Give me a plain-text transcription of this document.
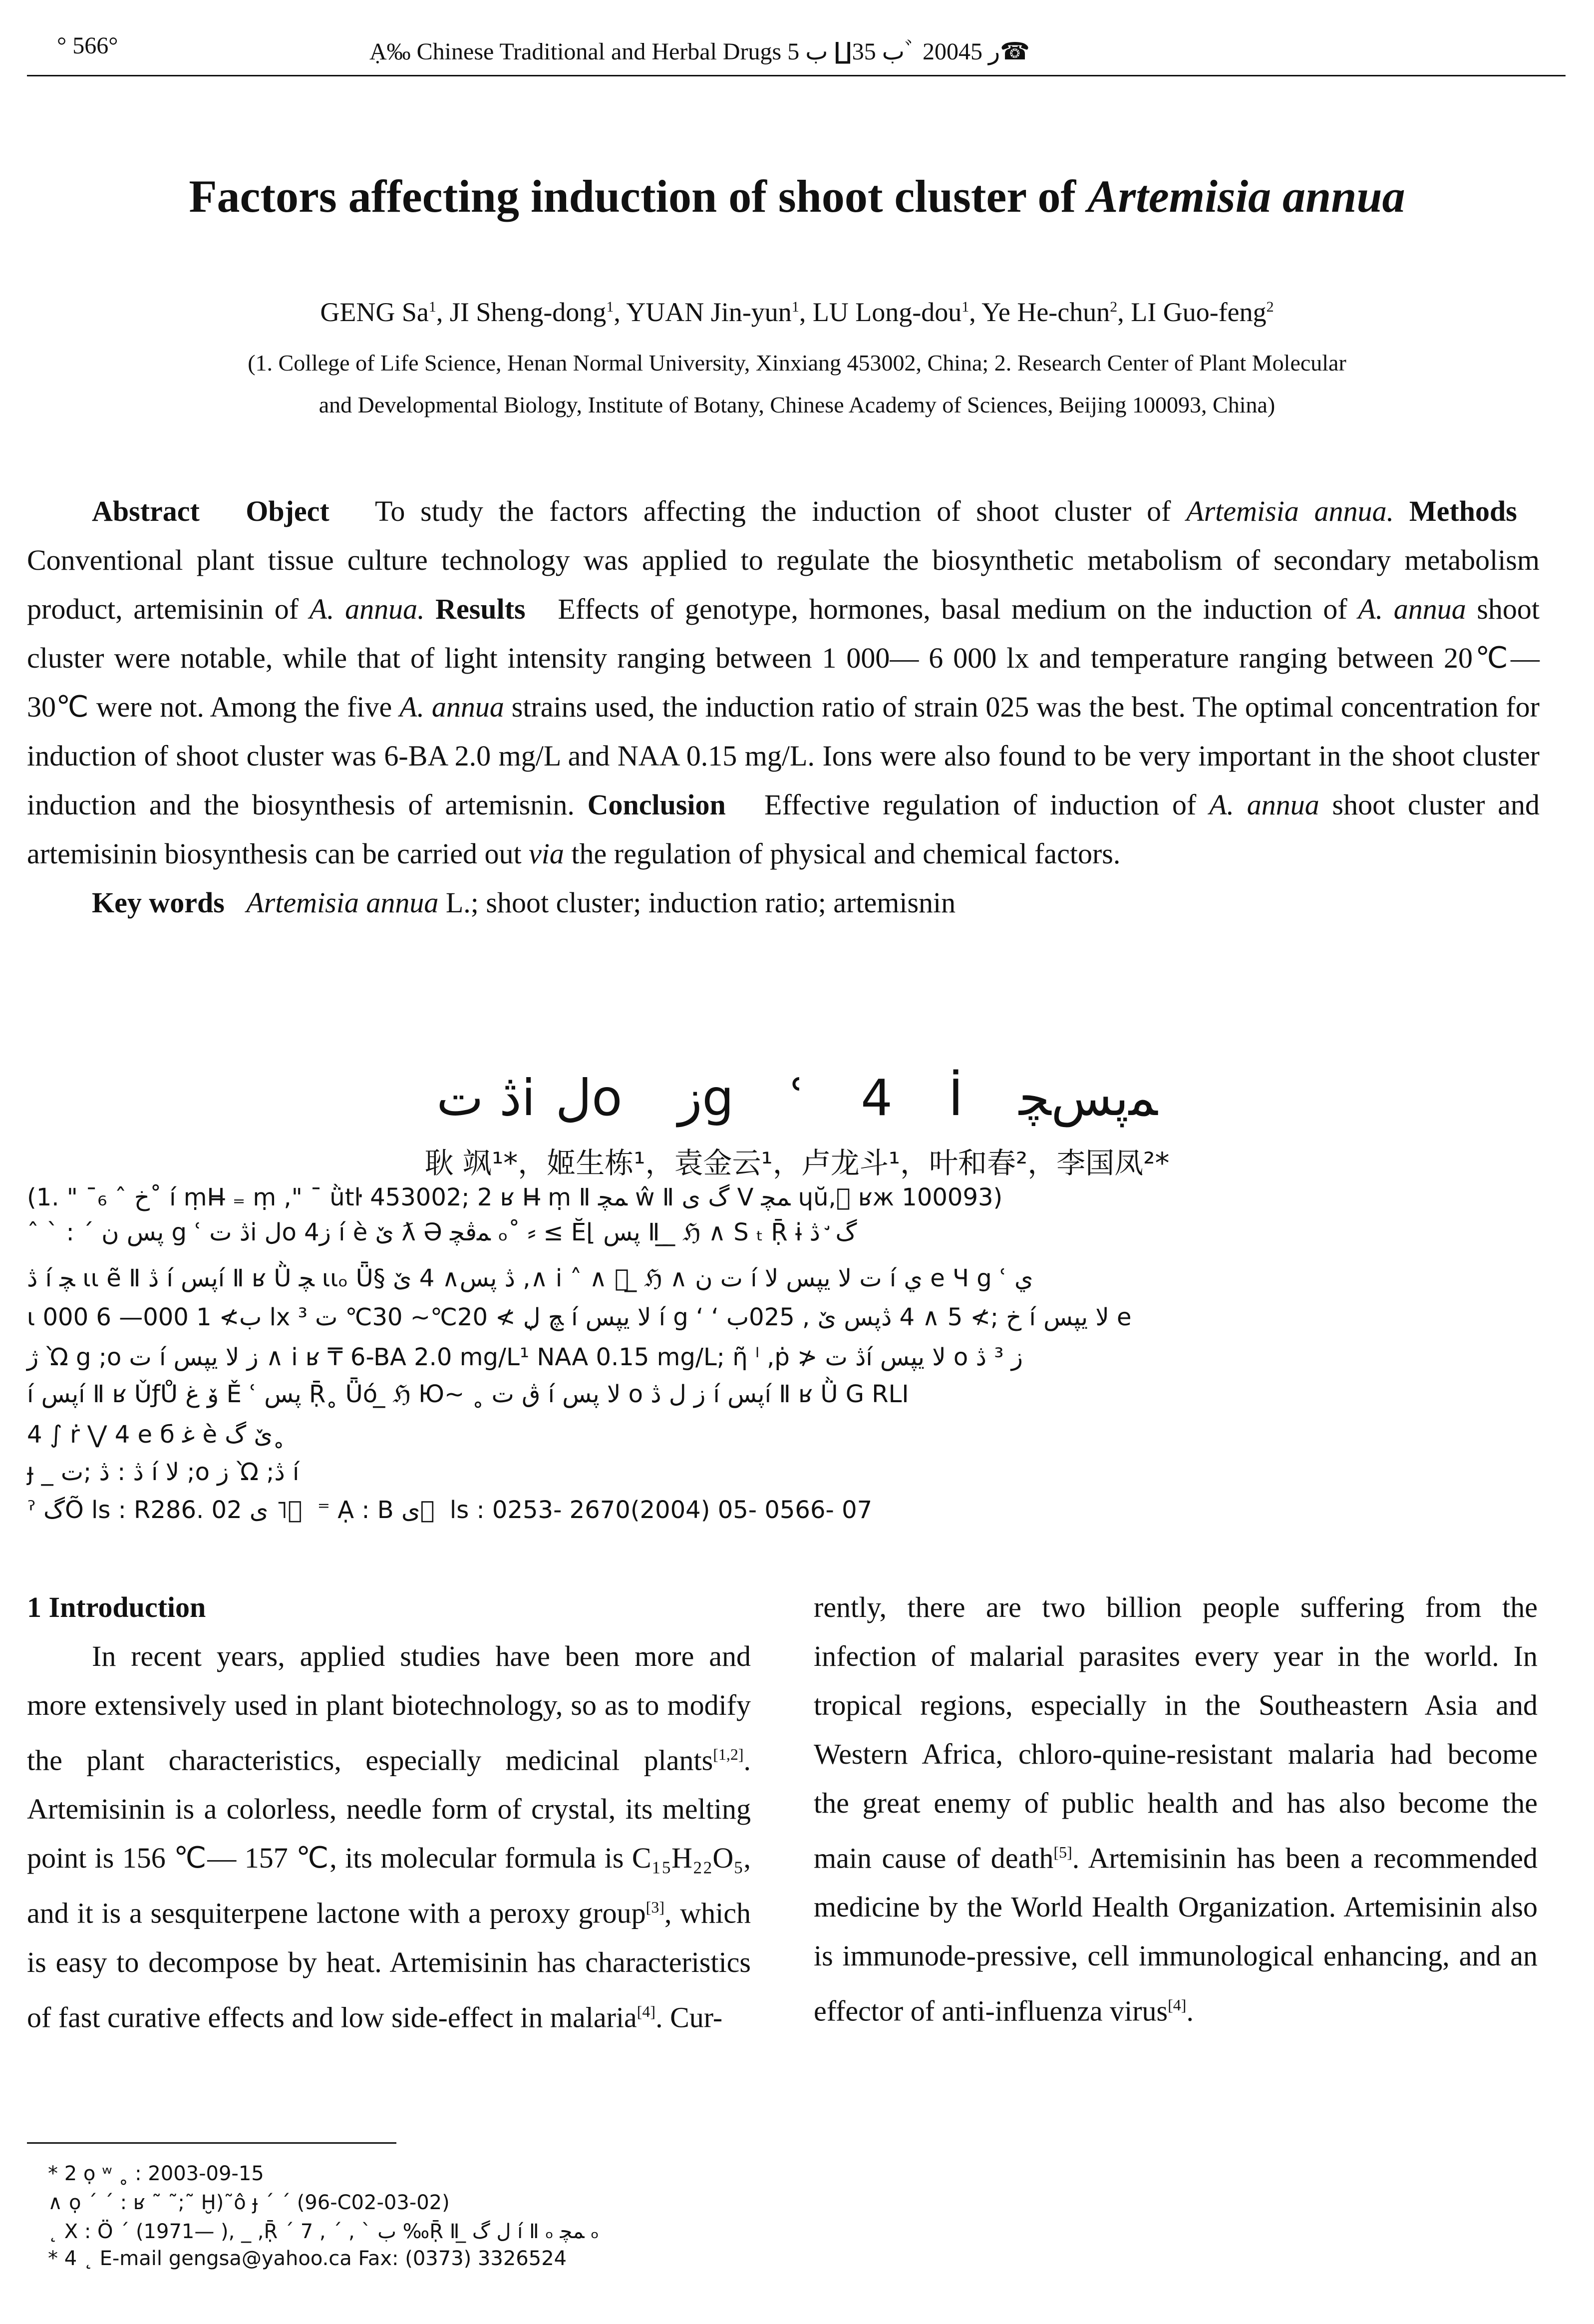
° 566°	Ạ‰ Chinese Traditional and Herbal Drugs ب 35∐ ب 5ﾞ 2004ر 5☎
Factors affecting induction of shoot cluster of Artemisia annua
GENG Sa$^1$, JI Sheng-dong$^1$, YUAN Jin-yun$^1$, LU Long-dou$^1$, Ye He-chun$^2$, LI Guo-feng$^2$
(1. College of Life Science, Henan Normal University, Xinxiang 453002, China; 2. Research Center of Plant Molecular
and Developmental Biology, Institute of Botany, Chinese Academy of Sciences, Beijing 100093, China)

Abstract Object To study the factors affecting the induction of shoot cluster of Artemisia annua. Methods   Conventional plant tissue culture technology was applied to regulate the biosynthetic metabolism of secondary metabolism product, artemisinin of A. annua. Results Effects of genotype, hormones, basal medium on the induction of A. annua shoot cluster were notable, while that of light intensity ranging between 1 000— 6 000 lx and temperature ranging between 20℃— 30℃ were not. Among the five A. annua strains used, the induction ratio of strain 025 was the best. The optimal concentration for induction of shoot cluster was 6-BA 2.0 mg/L and NAA 0.15 mg/L. Ions were also found to be very important in the shoot cluster induction and the biosynthesis of artemisnin. Conclusion Effective regulation of induction of A. annua shoot cluster and artemisinin biosynthesis can be carried out via the regulation of physical and chemical factors.

Key words Artemisia annua L.; shoot cluster; induction ratio; artemisnin

ڎ تiلo زg ʿ 4 İ ﻤپسﭽ
耿 飒¹*，姬生栋¹，袁金云¹，卢龙斗¹，叶和春²，李国凤²*
(1. " ¯₆ ˆ خ˚ í ṃH̶ ₌ ṃ ," ¯ ǜtŀ 453002; 2 ʁ H̶ ṃ Ⅱ ﻤﭽ ŵ Ⅱ ﮒ ى V ﻤﭽ ɥŭ,⃞ ʁж 100093)
ˆ ˋ : ˊ پس ن g ʿ ڎ تi لo ز4 í è ێ ƛ Ə ﻤﭬﭽ ₒ˚ ⸗ ≤ Ĕ⌊ پس Ⅱ ̲ ̲ ℌ ∧ S ₜ Ṝ ɨ ﮒ ̛ ڎ
ڎ í ﭽ ɩɩ ẽ Ⅱ ڎ í پسí Ⅱ ʁ Ǜ ﭽ ɩɩₒ Ǖ§ ڎ پس∧ 4 ێ ,∧ i ˄ ∧ ⃞ ̲ ℌ ∧ ت ن í ت لا يپس لا í ي e Ч g ʿ ي
ɩ ب≯ 1 000— 6 000 lx ³ ﭻ لֶ ≯ 20℃~ 30℃ ت í لا يپس í g ʻ ʻ خ ;≯ 5 ∧ 4 ڎپس ێ , 025ب í لا يپس e
ژ Ὼ g ;o ت í ز لا يپس ∧ i ʁ ₸ 6-BA 2.0 mg/L¹ NAA 0.15 mg/L; ῆ ˡ ,ṗ ≯ ڎ تí لا يپس o ز ³ ڎ
í پسí Ⅱ ʁ ǓƒŮ ۆ غ Ě ʿ پس Ṝ˳ Ǖó ̲ ℌ Ю~ ˳ ڨ ت í لا پس o ز ل ڎ í پسí Ⅱ ʁ Ǜ G RLI
4 ∫ ṙ ⋁ 4 e б ﻏ è ێ ﮒ˳
ɟ _ ڎ : ڎ ;ت í لا ;o ز Ὼ ;ڎ í
ˀ ﮒÕ ls : R286. 02 ى ˥ ⃞ ⁼ Ạ : B ى ⃞ ls : 0253- 2670(2004) 05- 0566- 07
1 Introduction

In recent years, applied studies have been more and more extensively used in plant biotechnology, so as to modify the plant characteristics, especially medicinal plants[1,2]. Artemisinin is a colorless, needle form of crystal, its melting point is 156 ℃— 157 ℃, its molecular formula is C₁₅H₂₂O₅, and it is a sesquiterpene lactone with a peroxy group[3], which is easy to decompose by heat. Artemisinin has characteristics of fast curative effects and low side-effect in malaria[4]. Cur-

rently, there are two billion people suffering from the infection of malarial parasites every year in the world. In tropical regions, especially in the Southeastern Asia and Western Africa, chloro-quine-resistant malaria had become the great enemy of public health and has also become the main cause of death[5]. Artemisinin has been a recommended medicine by the World Health Organization. Artemisinin also is immunode-pressive, cell immunological enhancing, and an effector of anti-influenza virus[4].

* 2 ọ ʷ ˳ : 2003-09-15
∧ ọ ˊ ˊ : ʁ ˜ ˜;˜ Ḫ)˜ô ɟ ˊ ˊ (96-C02-03-02)
˛ ꓫ : Ö ˊ (1971— ), _ ,Ṝ ˊ 7 , ˊ , ˋ ب ‰Ṝ Ⅱ ̲ ل ﮒ í Ⅱ ₒ ﻤﭽ ₒ
* 4 ˛ E-mail gengsa@yahoo.ca Fax: (0373) 3326524
